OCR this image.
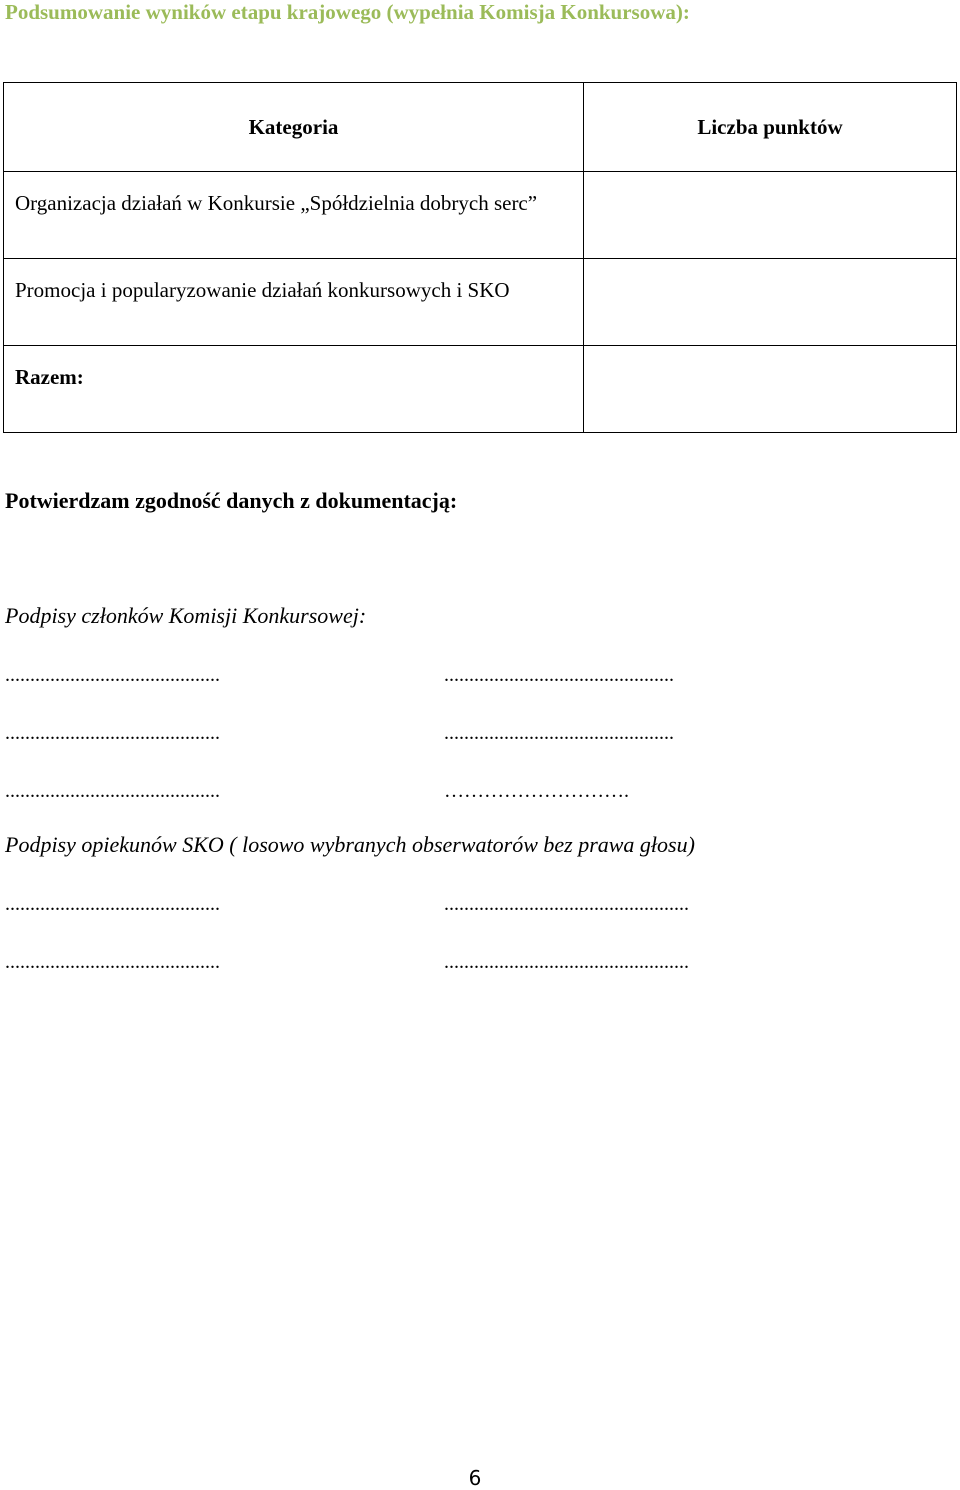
Podsumowanie wyników etapu krajowego (wypełnia Komisja Konkursowa):
Kategoria	Liczba punktów
Organizacja działań w Konkursie „Spółdzielnia dobrych serc”	
Promocja i popularyzowanie działań konkursowych i SKO	
Razem:	
Potwierdzam zgodność danych z dokumentacją:
Podpisy członków Komisji Konkursowej:
...........................................	..............................................
...........................................	..............................................
...........................................	……………………….
Podpisy opiekunów SKO ( losowo wybranych obserwatorów bez prawa głosu)
...........................................	.................................................
...........................................	.................................................
6
